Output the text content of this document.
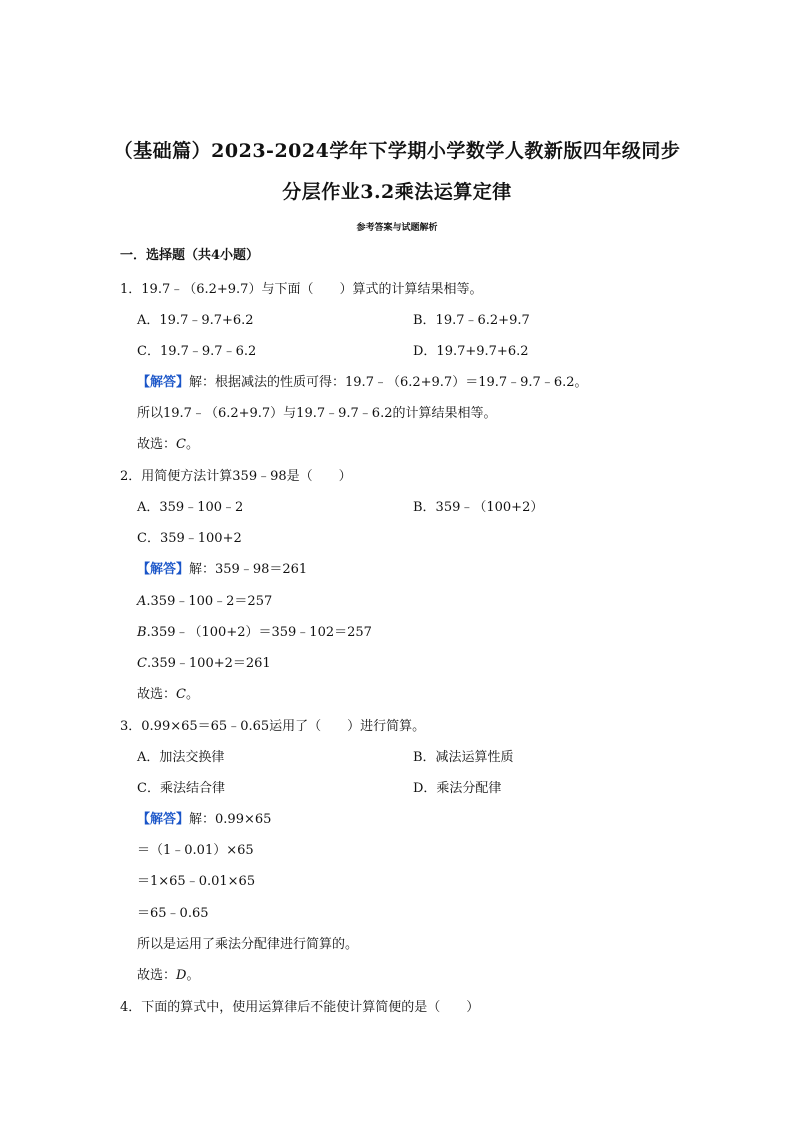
（基础篇）2023-2024学年下学期小学数学人教新版四年级同步
分层作业3.2乘法运算定律
参考答案与试题解析
一．选择题（共4小题）
1．19.7﹣（6.2+9.7）与下面（　　）算式的计算结果相等。
A．19.7﹣9.7+6.2	B．19.7﹣6.2+9.7
C．19.7﹣9.7﹣6.2	D．19.7+9.7+6.2
【解答】解：根据减法的性质可得：19.7﹣（6.2+9.7）＝19.7﹣9.7﹣6.2。
所以19.7﹣（6.2+9.7）与19.7﹣9.7﹣6.2的计算结果相等。
故选：C。
2．用简便方法计算359﹣98是（　　）
A．359﹣100﹣2	B．359﹣（100+2）
C．359﹣100+2
【解答】解：359﹣98＝261
A.359﹣100﹣2＝257
B.359﹣（100+2）＝359﹣102＝257
C.359﹣100+2＝261
故选：C。
3．0.99×65＝65﹣0.65运用了（　　）进行简算。
A．加法交换律	B．减法运算性质
C．乘法结合律	D．乘法分配律
【解答】解：0.99×65
＝（1﹣0.01）×65
＝1×65﹣0.01×65
＝65﹣0.65
所以是运用了乘法分配律进行简算的。
故选：D。
4．下面的算式中，使用运算律后不能使计算简便的是（　　）
